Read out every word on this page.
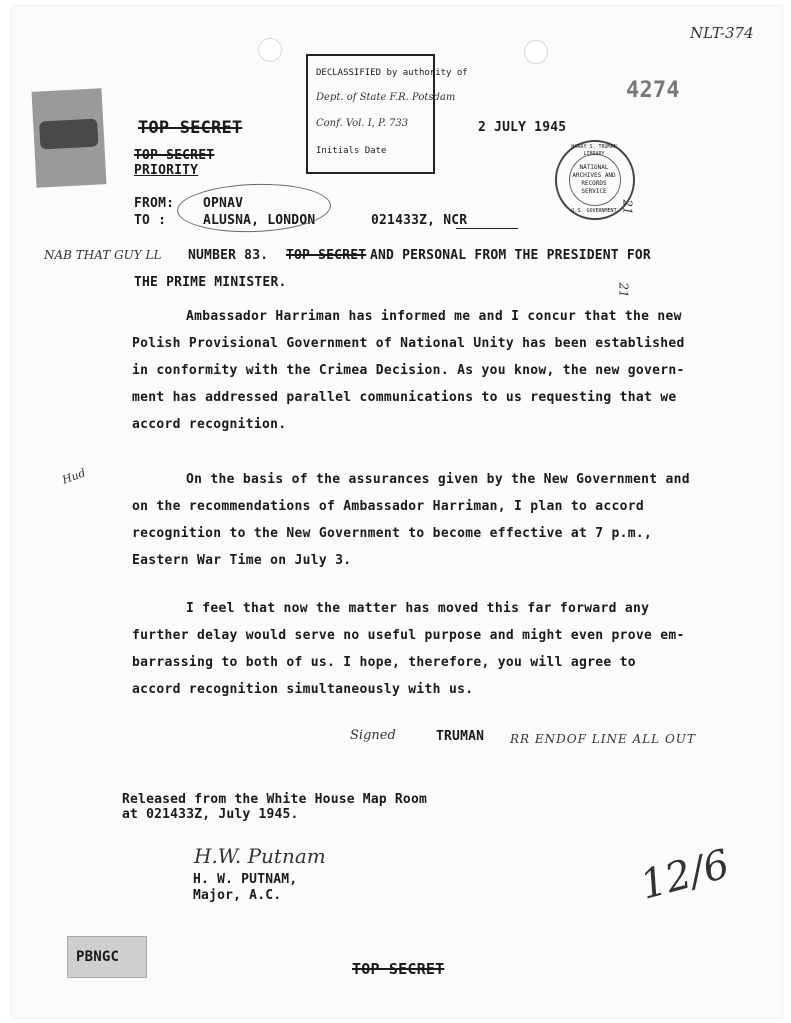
NLT-374
4274
DECLASSIFIED by authority of
Dept. of State F.R. Potsdam
Conf. Vol. I, P. 733
Initials Date
2 JULY 1945
TOP SECRET
TOP SECRET
PRIORITY
HARRY S. TRUMAN LIBRARY
NATIONAL
ARCHIVES AND
RECORDS
SERVICE
U.S. GOVERNMENT
FROM: OPNAV
TO :	ALUSNA, LONDON	021433Z, NCR
NAB THAT GUY LL NUMBER 83. TOP SECRET AND PERSONAL FROM THE PRESIDENT FOR
THE PRIME MINISTER.
21
21
Ambassador Harriman has informed me and I concur that the new
Polish Provisional Government of National Unity has been established
in conformity with the Crimea Decision. As you know, the new govern-
ment has addressed parallel communications to us requesting that we
accord recognition.
Hud	On the basis of the assurances given by the New Government and
on the recommendations of Ambassador Harriman, I plan to accord
recognition to the New Government to become effective at 7 p.m.,
Eastern War Time on July 3.
I feel that now the matter has moved this far forward any
further delay would serve no useful purpose and might even prove em-
barrassing to both of us. I hope, therefore, you will agree to
accord recognition simultaneously with us.
Signed	TRUMAN RR ENDOF LINE ALL OUT
Released from the White House Map Room
at 021433Z, July 1945.
H.W. Putnam
H. W. PUTNAM,
Major, A.C.	12/6
PBNGC
TOP SECRET
